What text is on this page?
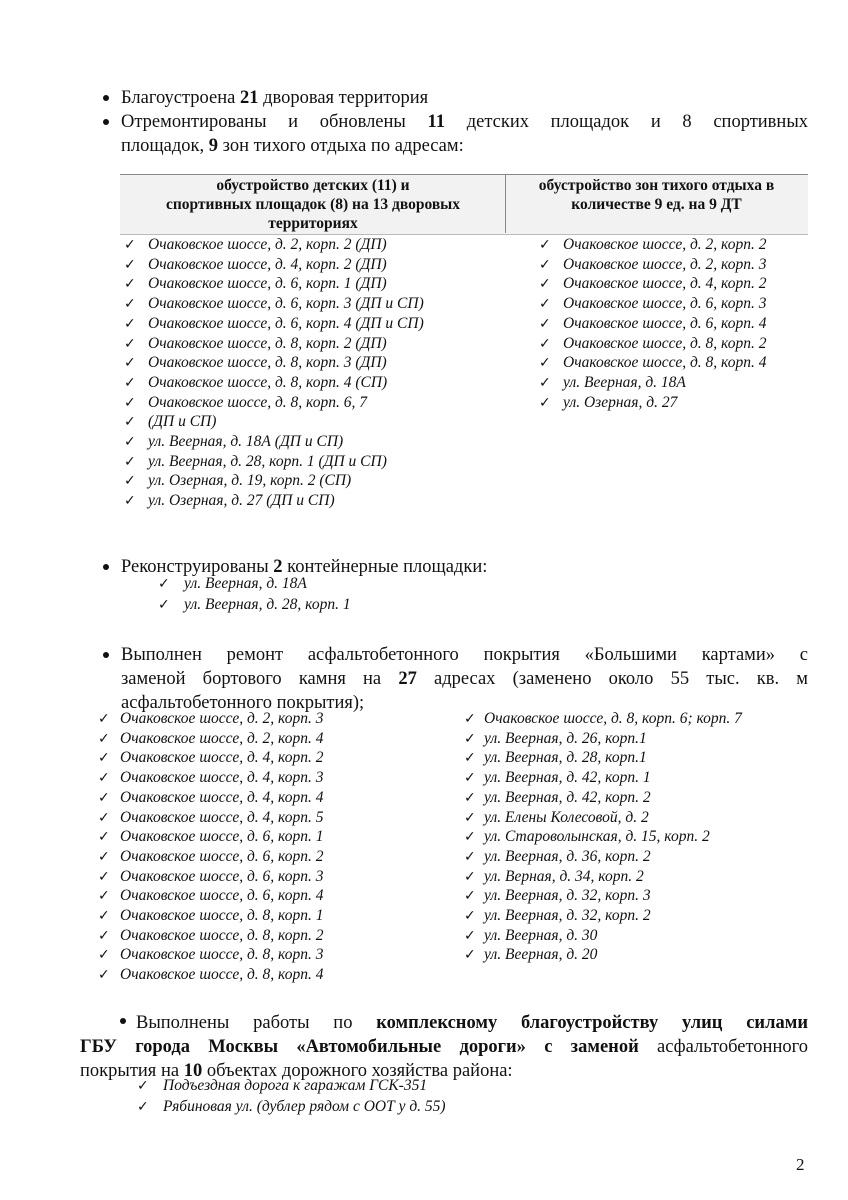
Благоустроена 21 дворовая территория
Отремонтированы и обновлены 11 детских площадок и 8 спортивных
площадок, 9 зон тихого отдыха по адресам:
обустройство детских (11) и
спортивных площадок (8) на 13 дворовых
территориях
обустройство зон тихого отдыха в
количестве 9 ед. на 9 ДТ
✓ Очаковское шоссе, д. 2, корп. 2 (ДП)
✓ Очаковское шоссе, д. 4, корп. 2 (ДП)
✓ Очаковское шоссе, д. 6, корп. 1 (ДП)
✓ Очаковское шоссе, д. 6, корп. 3 (ДП и СП)
✓ Очаковское шоссе, д. 6, корп. 4 (ДП и СП)
✓ Очаковское шоссе, д. 8, корп. 2 (ДП)
✓ Очаковское шоссе, д. 8, корп. 3 (ДП)
✓ Очаковское шоссе, д. 8, корп. 4 (СП)
✓ Очаковское шоссе, д. 8, корп. 6, 7
✓ (ДП и СП)
✓ ул. Веерная, д. 18А (ДП и СП)
✓ ул. Веерная, д. 28, корп. 1 (ДП и СП)
✓ ул. Озерная, д. 19, корп. 2 (СП)
✓ ул. Озерная, д. 27 (ДП и СП)
✓ Очаковское шоссе, д. 2, корп. 2
✓ Очаковское шоссе, д. 2, корп. 3
✓ Очаковское шоссе, д. 4, корп. 2
✓ Очаковское шоссе, д. 6, корп. 3
✓ Очаковское шоссе, д. 6, корп. 4
✓ Очаковское шоссе, д. 8, корп. 2
✓ Очаковское шоссе, д. 8, корп. 4
✓ ул. Веерная, д. 18А
✓ ул. Озерная, д. 27
Реконструированы 2 контейнерные площадки:
✓ ул. Веерная, д. 18А
✓ ул. Веерная, д. 28, корп. 1
Выполнен ремонт асфальтобетонного покрытия «Большими картами» с
заменой бортового камня на 27 адресах (заменено около 55 тыс. кв. м
асфальтобетонного покрытия);
✓ Очаковское шоссе, д. 2, корп. 3
✓ Очаковское шоссе, д. 2, корп. 4
✓ Очаковское шоссе, д. 4, корп. 2
✓ Очаковское шоссе, д. 4, корп. 3
✓ Очаковское шоссе, д. 4, корп. 4
✓ Очаковское шоссе, д. 4, корп. 5
✓ Очаковское шоссе, д. 6, корп. 1
✓ Очаковское шоссе, д. 6, корп. 2
✓ Очаковское шоссе, д. 6, корп. 3
✓ Очаковское шоссе, д. 6, корп. 4
✓ Очаковское шоссе, д. 8, корп. 1
✓ Очаковское шоссе, д. 8, корп. 2
✓ Очаковское шоссе, д. 8, корп. 3
✓ Очаковское шоссе, д. 8, корп. 4
✓ Очаковское шоссе, д. 8, корп. 6; корп. 7
✓ ул. Веерная, д. 26, корп.1
✓ ул. Веерная, д. 28, корп.1
✓ ул. Веерная, д. 42, корп. 1
✓ ул. Веерная, д. 42, корп. 2
✓ ул. Елены Колесовой, д. 2
✓ ул. Староволынская, д. 15, корп. 2
✓ ул. Веерная, д. 36, корп. 2
✓ ул. Верная, д. 34, корп. 2
✓ ул. Веерная, д. 32, корп. 3
✓ ул. Веерная, д. 32, корп. 2
✓ ул. Веерная, д. 30
✓ ул. Веерная, д. 20
Выполнены работы по комплексному благоустройству улиц силами
ГБУ города Москвы «Автомобильные дороги» с заменой асфальтобетонного
покрытия на 10 объектах дорожного хозяйства района:
✓ Подъездная дорога к гаражам ГСК-351
✓ Рябиновая ул. (дублер рядом с ООТ у д. 55)
2
